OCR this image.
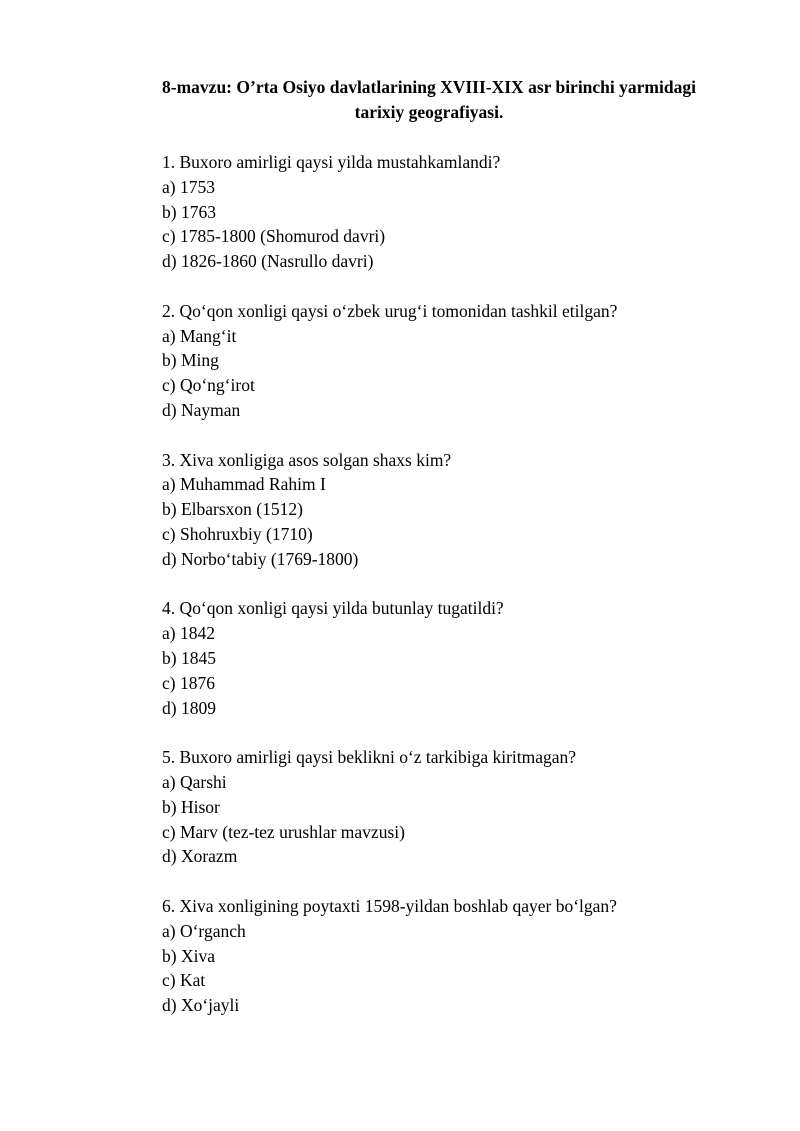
8-mavzu: O’rta Osiyo davlatlarining XVIII-XIX asr birinchi yarmidagi
tarixiy geografiyasi.
1. Buxoro amirligi qaysi yilda mustahkamlandi?
a) 1753
b) 1763
c) 1785-1800 (Shomurod davri)
d) 1826-1860 (Nasrullo davri)
2. Qo‘qon xonligi qaysi o‘zbek urug‘i tomonidan tashkil etilgan?
a) Mang‘it
b) Ming
c) Qo‘ng‘irot
d) Nayman
3. Xiva xonligiga asos solgan shaxs kim?
a) Muhammad Rahim I
b) Elbarsxon (1512)
c) Shohruxbiy (1710)
d) Norbo‘tabiy (1769-1800)
4. Qo‘qon xonligi qaysi yilda butunlay tugatildi?
a) 1842
b) 1845
c) 1876
d) 1809
5. Buxoro amirligi qaysi beklikni o‘z tarkibiga kiritmagan?
a) Qarshi
b) Hisor
c) Marv (tez-tez urushlar mavzusi)
d) Xorazm
6. Xiva xonligining poytaxti 1598-yildan boshlab qayer bo‘lgan?
a) O‘rganch
b) Xiva
c) Kat
d) Xo‘jayli
